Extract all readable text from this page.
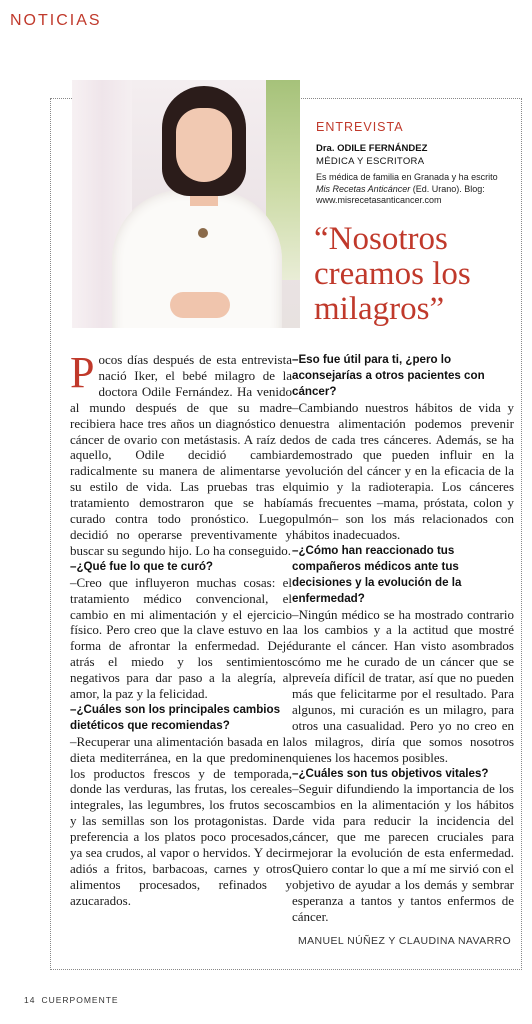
NOTICIAS
ENTREVISTA
Dra. ODILE FERNÁNDEZ
MÉDICA Y ESCRITORA
Es médica de familia en Granada y ha escrito Mis Recetas Anticáncer (Ed. Urano). Blog: www.misrecetasanticancer.com
“Nosotros creamos los milagros”

Pocos días después de esta entrevista nació Iker, el bebé milagro de la doctora Odile Fernández. Ha venido al mundo después de que su madre recibiera hace tres años un diagnóstico de cáncer de ovario con metástasis. A raíz de aquello, Odile decidió cambiar radicalmente su manera de alimentarse y su estilo de vida. Las pruebas tras el tratamiento demostraron que se había curado contra todo pronóstico. Luego decidió no operarse preventivamente y buscar su segundo hijo. Lo ha conseguido.

–¿Qué fue lo que te curó?

–Creo que influyeron muchas cosas: el tratamiento médico convencional, el cambio en mi alimentación y el ejercicio físico. Pero creo que la clave estuvo en la forma de afrontar la enfermedad. Dejé atrás el miedo y los sentimientos negativos para dar paso a la alegría, al amor, la paz y la felicidad.

–¿Cuáles son los principales cambios dietéticos que recomiendas?

–Recuperar una alimentación basada en la dieta mediterránea, en la que predominen los productos frescos y de temporada, donde las verduras, las frutas, los cereales integrales, las legumbres, los frutos secos y las semillas son los protagonistas. Dar preferencia a los platos poco procesados, ya sea crudos, al vapor o hervidos. Y decir adiós a fritos, barbacoas, carnes y otros alimentos procesados, refinados y azucarados.

–Eso fue útil para ti, ¿pero lo aconsejarías a otros pacientes con cáncer?

–Cambiando nuestros hábitos de vida y nuestra alimentación podemos prevenir dos de cada tres cánceres. Además, se ha demostrado que pueden influir en la evolución del cáncer y en la eficacia de la quimio y la radioterapia. Los cánceres más frecuentes –mama, próstata, colon y pulmón– son los más relacionados con hábitos inadecuados.

–¿Cómo han reaccionado tus compañeros médicos ante tus decisiones y la evolución de la enfermedad?

–Ningún médico se ha mostrado contrario a los cambios y a la actitud que mostré durante el cáncer. Han visto asombrados cómo me he curado de un cáncer que se preveía difícil de tratar, así que no pueden más que felicitarme por el resultado. Para algunos, mi curación es un milagro, para otros una casualidad. Pero yo no creo en los milagros, diría que somos nosotros quienes los hacemos posibles.

–¿Cuáles son tus objetivos vitales?

–Seguir difundiendo la importancia de los cambios en la alimentación y los hábitos de vida para reducir la incidencia del cáncer, que me parecen cruciales para mejorar la evolución de esta enfermedad. Quiero contar lo que a mí me sirvió con el objetivo de ayudar a los demás y sembrar esperanza a tantos y tantos enfermos de cáncer.

MANUEL NÚÑEZ Y CLAUDINA NAVARRO
14 CUERPOMENTE
